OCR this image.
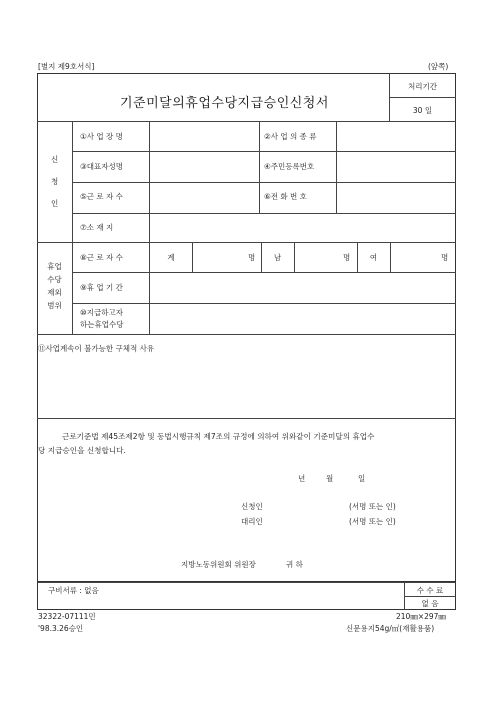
[별지 제9호서식]	(앞쪽)
기준미달의휴업수당지급승인신청서
처리기간
30 일
신
청
인
①사 업 장 명	②사 업 의 종 류
③대표자성명	④주민등록번호
⑤근 로 자 수	⑥전 화 번 호
⑦소 재 지
휴업
수당
제외
범위
⑧근 로 자 수	계	명	남	명	여	명
⑨휴 업 기 간
⑩지급하고자
하는휴업수당
⑪사업계속이 불가능한 구체적 사유
근로기준법 제45조제2항 및 동법시행규칙 제7조의 규정에 의하여 위와같이 기준미달의 휴업수
당 지급승인을 신청합니다.
년	월	일
신청인	(서명 또는 인)
대리인	(서명 또는 인)
지방노동위원회 위원장	귀 하
구비서류 : 없음	수 수 료
없 음
32322-07111민
'98.3.26승인
210㎜×297㎜
신문용지54g/㎡(재활용품)
